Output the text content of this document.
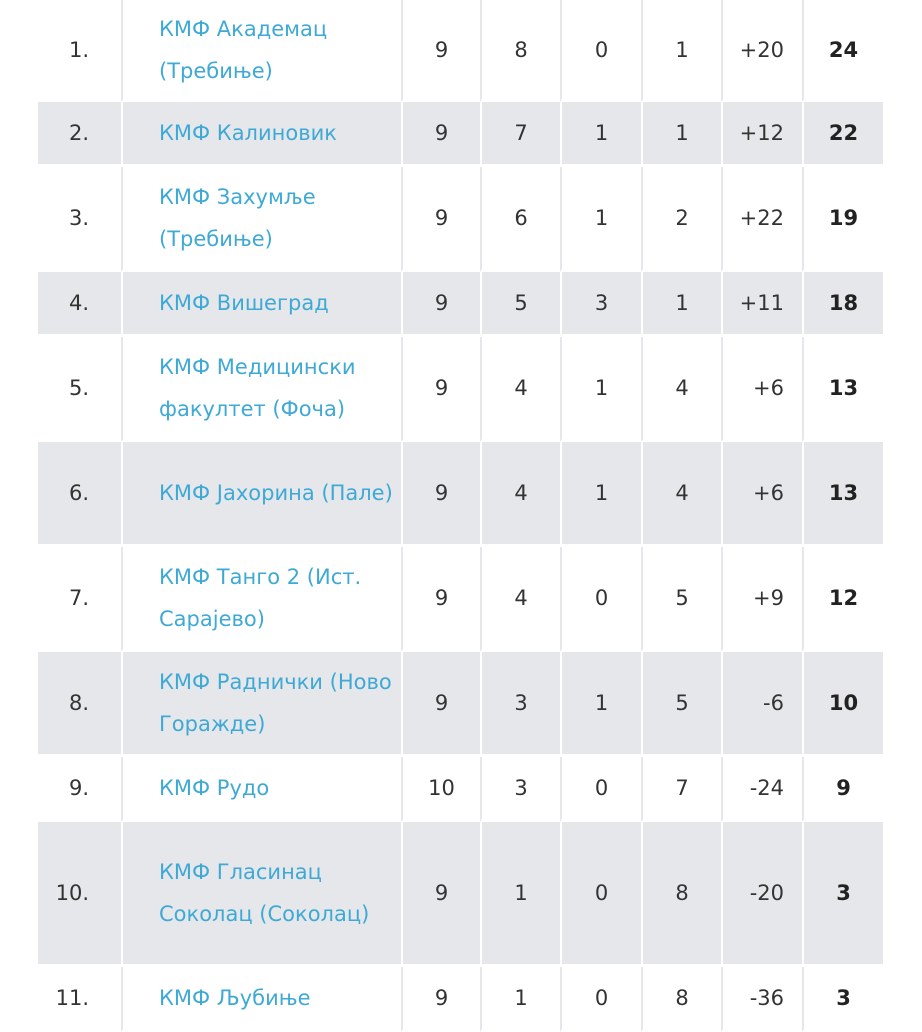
1.	КМФ Академац (Требиње)	9	8	0	1	+20	24
2.	КМФ Калиновик	9	7	1	1	+12	22
3.	КМФ Захумље (Требиње)	9	6	1	2	+22	19
4.	КМФ Вишеград	9	5	3	1	+11	18
5.	КМФ Медицински факултет (Фоча)	9	4	1	4	+6	13
6.	КМФ Јахорина (Пале)	9	4	1	4	+6	13
7.	КМФ Танго 2 (Ист. Сарајево)	9	4	0	5	+9	12
8.	КМФ Раднички (Ново Горажде)	9	3	1	5	-6	10
9.	КМФ Рудо	10	3	0	7	-24	9
10.	КМФ Гласинац Соколац (Соколац)	9	1	0	8	-20	3
11.	КМФ Љубиње	9	1	0	8	-36	3
